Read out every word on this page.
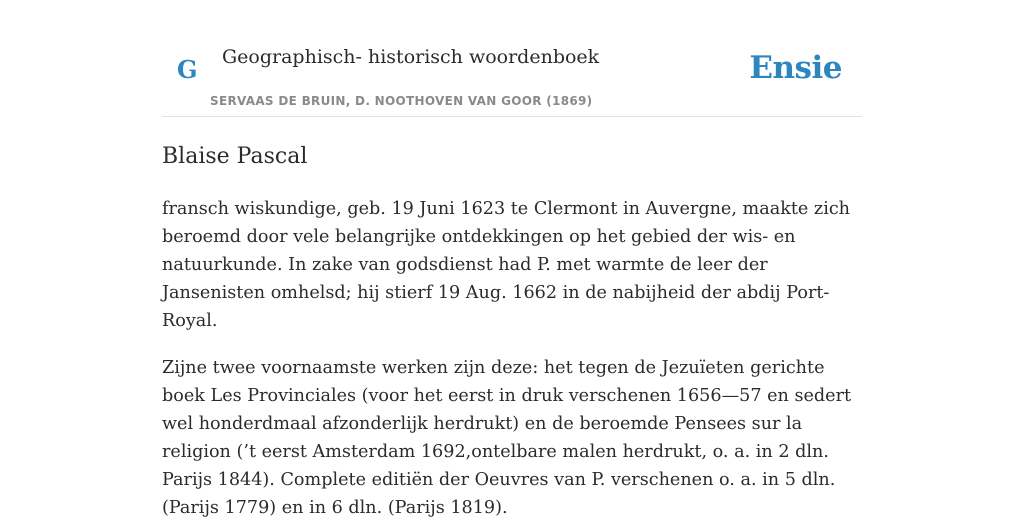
G Geographisch- historisch woordenboek
SERVAAS DE BRUIN, D. NOOTHOVEN VAN GOOR (1869)
Ensie
Blaise Pascal

fransch wiskundige, geb. 19 Juni 1623 te Clermont in Auvergne, maakte zich beroemd door vele belangrijke ontdekkingen op het gebied der wis- en natuurkunde. In zake van godsdienst had P. met warmte de leer der Jansenisten omhelsd; hij stierf 19 Aug. 1662 in de nabijheid der abdij Port-Royal.

Zijne twee voornaamste werken zijn deze: het tegen de Jezuïeten gerichte boek Les Provinciales (voor het eerst in druk verschenen 1656—57 en sedert wel honderdmaal afzonderlijk herdrukt) en de beroemde Pensees sur la religion (’t eerst Amsterdam 1692,ontelbare malen herdrukt, o. a. in 2 dln. Parijs 1844). Complete editiën der Oeuvres van P. verschenen o. a. in 5 dln. (Parijs 1779) en in 6 dln. (Parijs 1819).
